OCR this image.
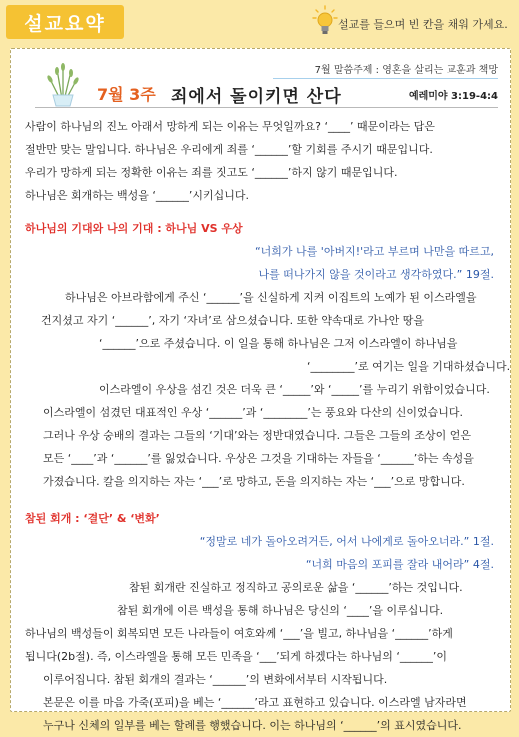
설교요약	설교를 들으며 빈 칸을 채워 가세요.
7월 말씀주제 : 영혼을 살리는 교훈과 책망
7월 3주 죄에서 돌이키면 산다	예레미야 3:19-4:4
사람이 하나님의 진노 아래서 망하게 되는 이유는 무엇일까요? ‘____’ 때문이라는 답은
절반만 맞는 말입니다. 하나님은 우리에게 죄를 ‘______’할 기회를 주시기 때문입니다.
우리가 망하게 되는 정확한 이유는 죄를 짓고도 ‘______’하지 않기 때문입니다.
하나님은 회개하는 백성을 ‘______’시키십니다.
하나님의 기대와 나의 기대 : 하나님 VS 우상
“너희가 나를 '아버지!'라고 부르며 나만을 따르고,
나를 떠나가지 않을 것이라고 생각하였다.” 19절.
하나님은 아브라함에게 주신 ‘______’을 신실하게 지켜 이집트의 노예가 된 이스라엘을
건지셨고 자기 ‘______’, 자기 ‘자녀’로 삼으셨습니다. 또한 약속대로 가나안 땅을
‘______’으로 주셨습니다. 이 일을 통해 하나님은 그저 이스라엘이 하나님을
‘________’로 여기는 일을 기대하셨습니다.
이스라엘이 우상을 섬긴 것은 더욱 큰 ‘_____’와 ‘_____’를 누리기 위함이었습니다.
이스라엘이 섬겼던 대표적인 우상 ‘______’과 ‘________’는 풍요와 다산의 신이었습니다.
그러나 우상 숭배의 결과는 그들의 ‘기대’와는 정반대였습니다. 그들은 그들의 조상이 얻은
모든 ‘____’과 ‘______’를 잃었습니다. 우상은 그것을 기대하는 자들을 ‘______’하는 속성을
가졌습니다. 칼을 의지하는 자는 ‘___’로 망하고, 돈을 의지하는 자는 ‘___’으로 망합니다.
참된 회개 : ‘결단’ & ‘변화’
“정말로 네가 돌아오려거든, 어서 나에게로 돌아오너라.” 1절.
“너희 마음의 포피를 잘라 내어라” 4절.
참된 회개란 진실하고 정직하고 공의로운 삶을 ‘______’하는 것입니다.
참된 회개에 이른 백성을 통해 하나님은 당신의 ‘____’을 이루십니다.
하나님의 백성들이 회복되면 모든 나라들이 여호와께 ‘___’을 빌고, 하나님을 ‘______’하게
됩니다(2b절). 즉, 이스라엘을 통해 모든 민족을 ‘___’되게 하겠다는 하나님의 ‘______’이
이루어집니다. 참된 회개의 결과는 ‘______’의 변화에서부터 시작됩니다.
본문은 이를 마음 가죽(포피)을 베는 ‘______’라고 표현하고 있습니다. 이스라엘 남자라면
누구나 신체의 일부를 베는 할례를 행했습니다. 이는 하나님의 ‘______’의 표시였습니다.
